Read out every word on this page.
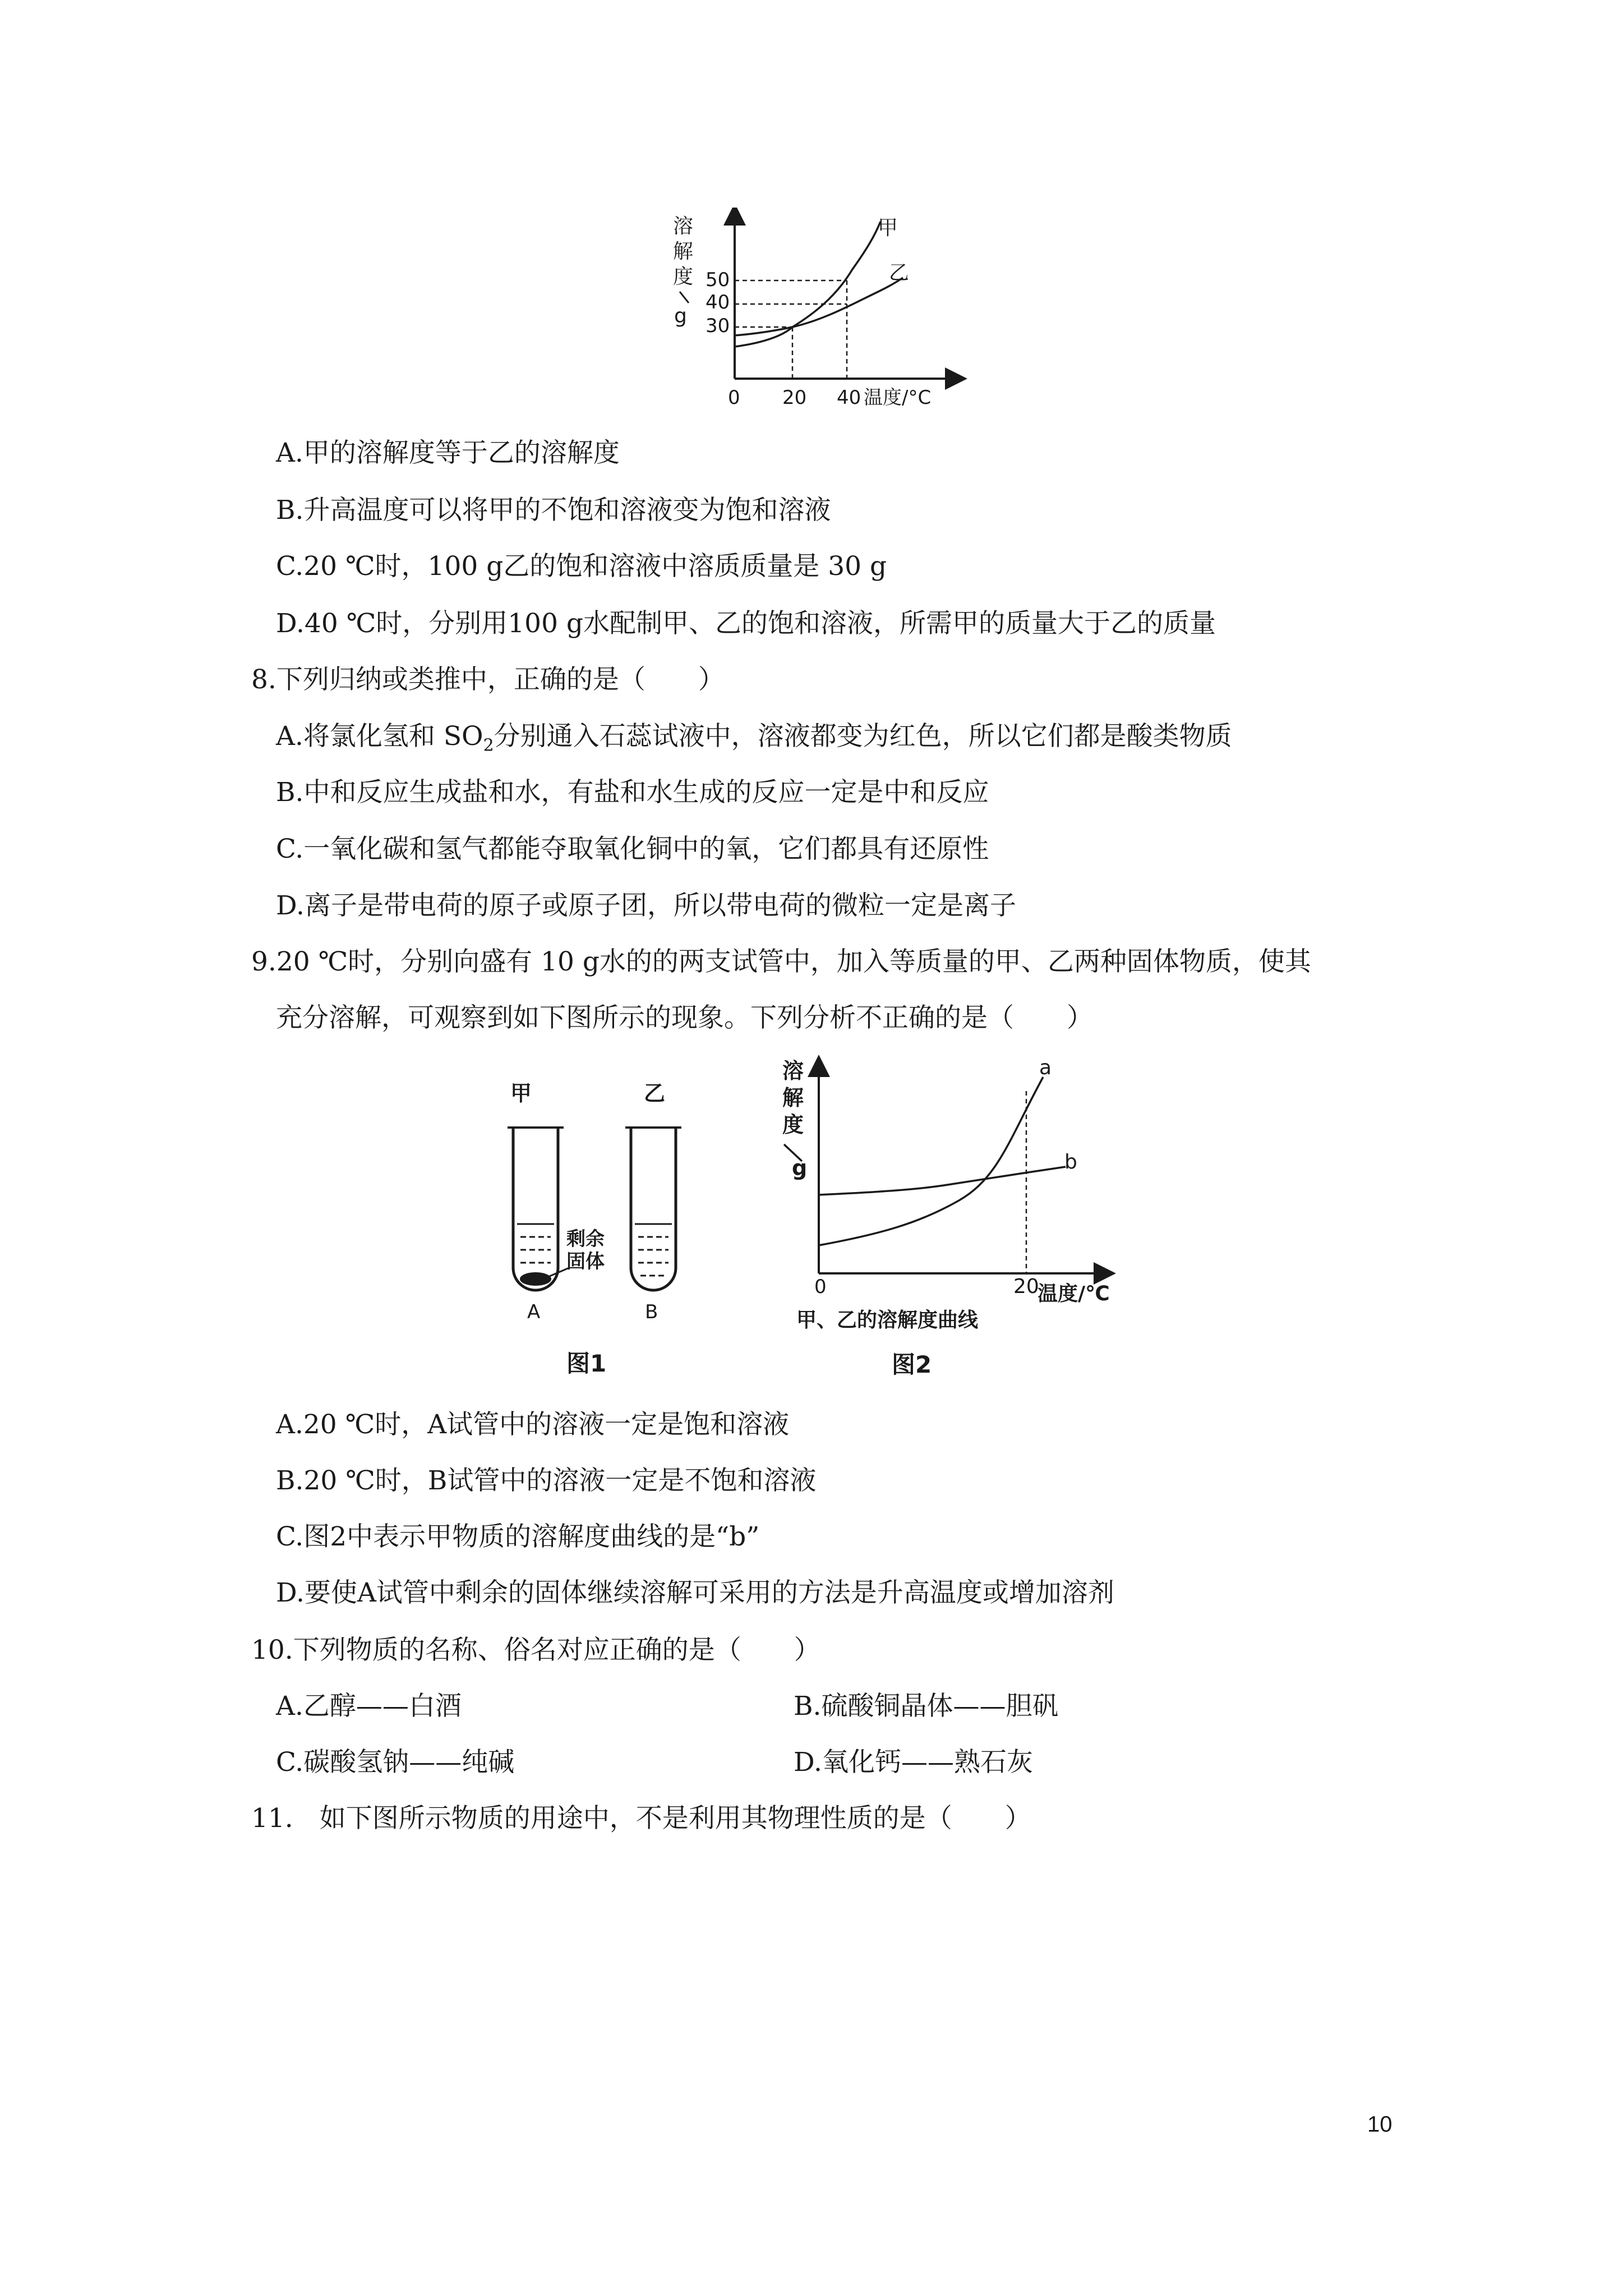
溶
解
度
g
50
40
30
甲
乙
0 20 40 温度/°C
A.甲的溶解度等于乙的溶解度
B.升高温度可以将甲的不饱和溶液变为饱和溶液
C.20 ℃时，100 g乙的饱和溶液中溶质质量是 30 g
D.40 ℃时，分别用100 g水配制甲、乙的饱和溶液，所需甲的质量大于乙的质量
8.下列归纳或类推中，正确的是（　　）
A.将氯化氢和 $SO_2$分别通入石蕊试液中，溶液都变为红色，所以它们都是酸类物质
B.中和反应生成盐和水，有盐和水生成的反应一定是中和反应
C.一氧化碳和氢气都能夺取氧化铜中的氧，它们都具有还原性
D.离子是带电荷的原子或原子团，所以带电荷的微粒一定是离子
9.20 ℃时，分别向盛有 10 g水的的两支试管中，加入等质量的甲、乙两种固体物质，使其
充分溶解，可观察到如下图所示的现象。下列分析不正确的是（　　）
甲	乙
剩余
固体
A	B
图1
溶
解
度
g
a
b
0	20
温度/℃
甲、乙的溶解度曲线
图2
A.20 ℃时，A试管中的溶液一定是饱和溶液
B.20 ℃时，B试管中的溶液一定是不饱和溶液
C.图2中表示甲物质的溶解度曲线的是“b”
D.要使A试管中剩余的固体继续溶解可采用的方法是升高温度或增加溶剂
10.下列物质的名称、俗名对应正确的是（　　）
A.乙醇——白酒	B.硫酸铜晶体——胆矾
C.碳酸氢钠——纯碱	D.氧化钙——熟石灰
11.　如下图所示物质的用途中，不是利用其物理性质的是（　　）
10
